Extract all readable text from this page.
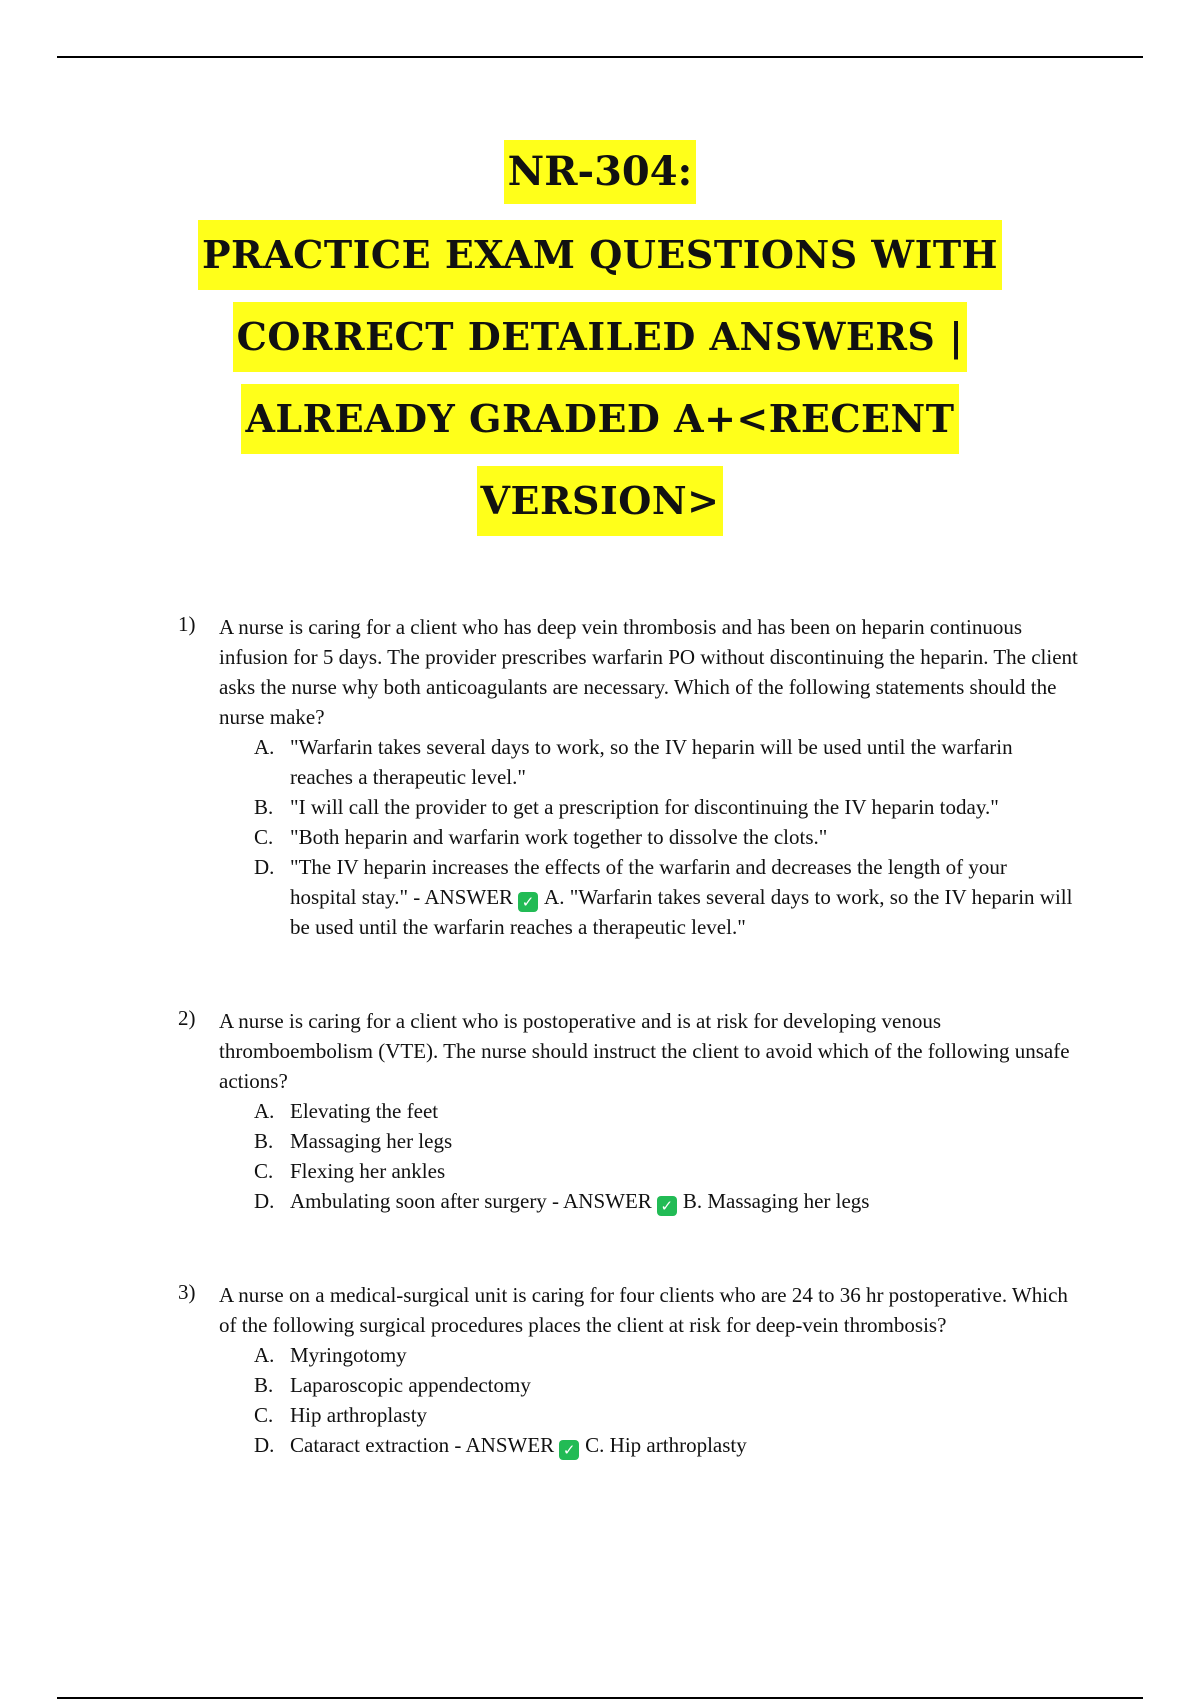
NR-304:
PRACTICE EXAM QUESTIONS WITH
CORRECT DETAILED ANSWERS |
ALREADY GRADED A+<RECENT
VERSION>
1)	A nurse is caring for a client who has deep vein thrombosis and has been on heparin continuous infusion for 5 days. The provider prescribes warfarin PO without discontinuing the heparin. The client asks the nurse why both anticoagulants are necessary. Which of the following statements should the nurse make?
A. "Warfarin takes several days to work, so the IV heparin will be used until the warfarin reaches a therapeutic level."
B. "I will call the provider to get a prescription for discontinuing the IV heparin today."
C. "Both heparin and warfarin work together to dissolve the clots."
D. "The IV heparin increases the effects of the warfarin and decreases the length of your hospital stay." - ANSWER ✓ A. "Warfarin takes several days to work, so the IV heparin will be used until the warfarin reaches a therapeutic level."
2)	A nurse is caring for a client who is postoperative and is at risk for developing venous thromboembolism (VTE). The nurse should instruct the client to avoid which of the following unsafe actions?
A. Elevating the feet
B. Massaging her legs
C. Flexing her ankles
D. Ambulating soon after surgery - ANSWER ✓ B. Massaging her legs
3)	A nurse on a medical-surgical unit is caring for four clients who are 24 to 36 hr postoperative. Which of the following surgical procedures places the client at risk for deep-vein thrombosis?
A. Myringotomy
B. Laparoscopic appendectomy
C. Hip arthroplasty
D. Cataract extraction - ANSWER ✓ C. Hip arthroplasty
